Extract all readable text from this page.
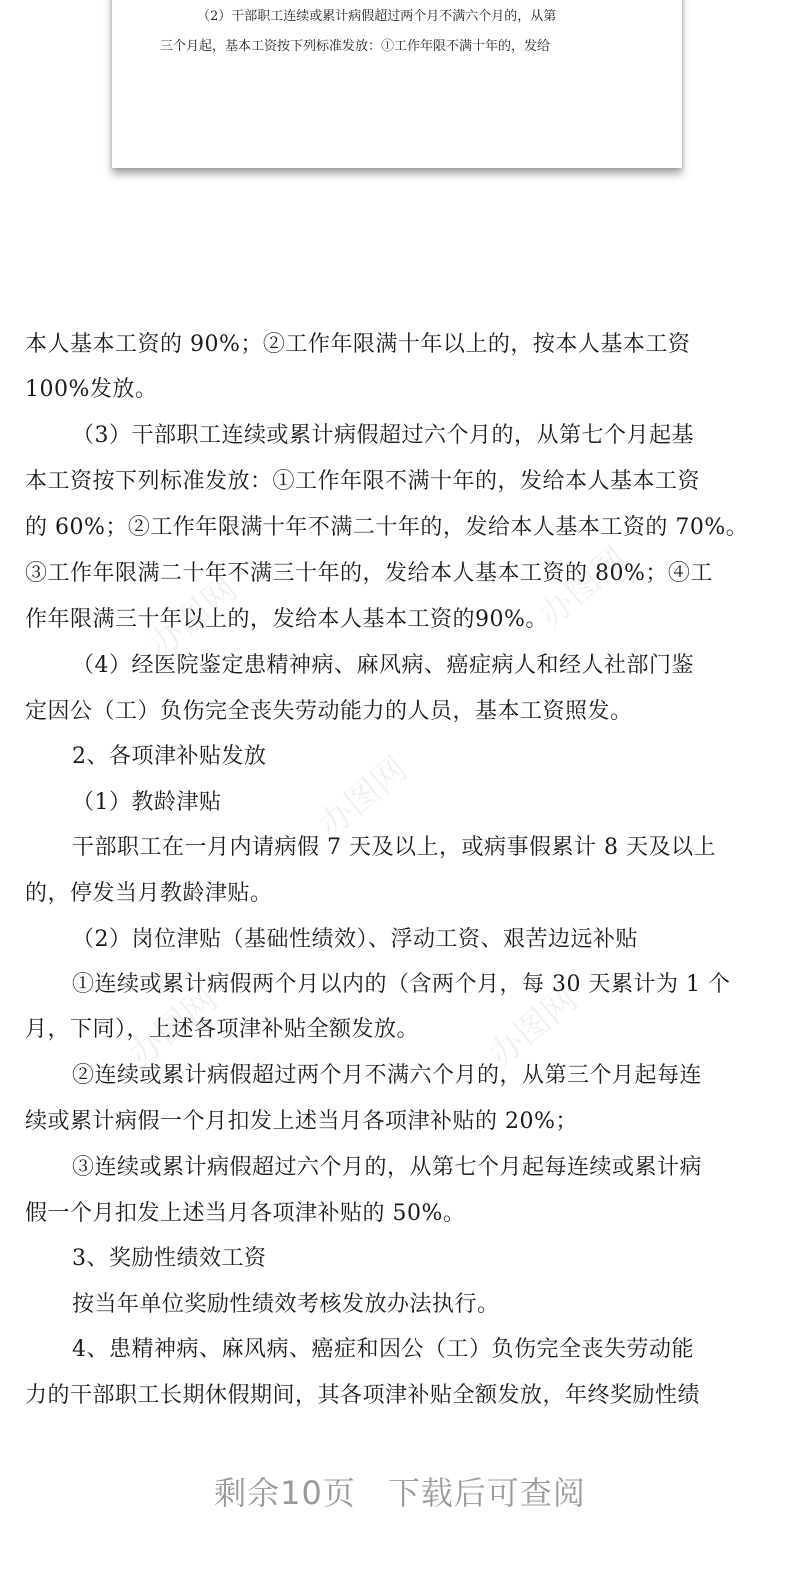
（2）干部职工连续或累计病假超过两个月不满六个月的，从第
三个月起，基本工资按下列标准发放：①工作年限不满十年的，发给
办图网
办图网
办图网
办图网
办图网
本人基本工资的 90%；②工作年限满十年以上的，按本人基本工资
100%发放。
（3）干部职工连续或累计病假超过六个月的，从第七个月起基
本工资按下列标准发放：①工作年限不满十年的，发给本人基本工资
的 60%；②工作年限满十年不满二十年的，发给本人基本工资的 70%。
③工作年限满二十年不满三十年的，发给本人基本工资的 80%；④工
作年限满三十年以上的，发给本人基本工资的90%。
（4）经医院鉴定患精神病、麻风病、癌症病人和经人社部门鉴
定因公（工）负伤完全丧失劳动能力的人员，基本工资照发。
2、各项津补贴发放
（1）教龄津贴
干部职工在一月内请病假 7 天及以上，或病事假累计 8 天及以上
的，停发当月教龄津贴。
（2）岗位津贴（基础性绩效）、浮动工资、艰苦边远补贴
①连续或累计病假两个月以内的（含两个月，每 30 天累计为 1 个
月，下同），上述各项津补贴全额发放。
②连续或累计病假超过两个月不满六个月的，从第三个月起每连
续或累计病假一个月扣发上述当月各项津补贴的 20%；
③连续或累计病假超过六个月的，从第七个月起每连续或累计病
假一个月扣发上述当月各项津补贴的 50%。
3、奖励性绩效工资
按当年单位奖励性绩效考核发放办法执行。
4、患精神病、麻风病、癌症和因公（工）负伤完全丧失劳动能
力的干部职工长期休假期间，其各项津补贴全额发放，年终奖励性绩
剩余10页 下载后可查阅
